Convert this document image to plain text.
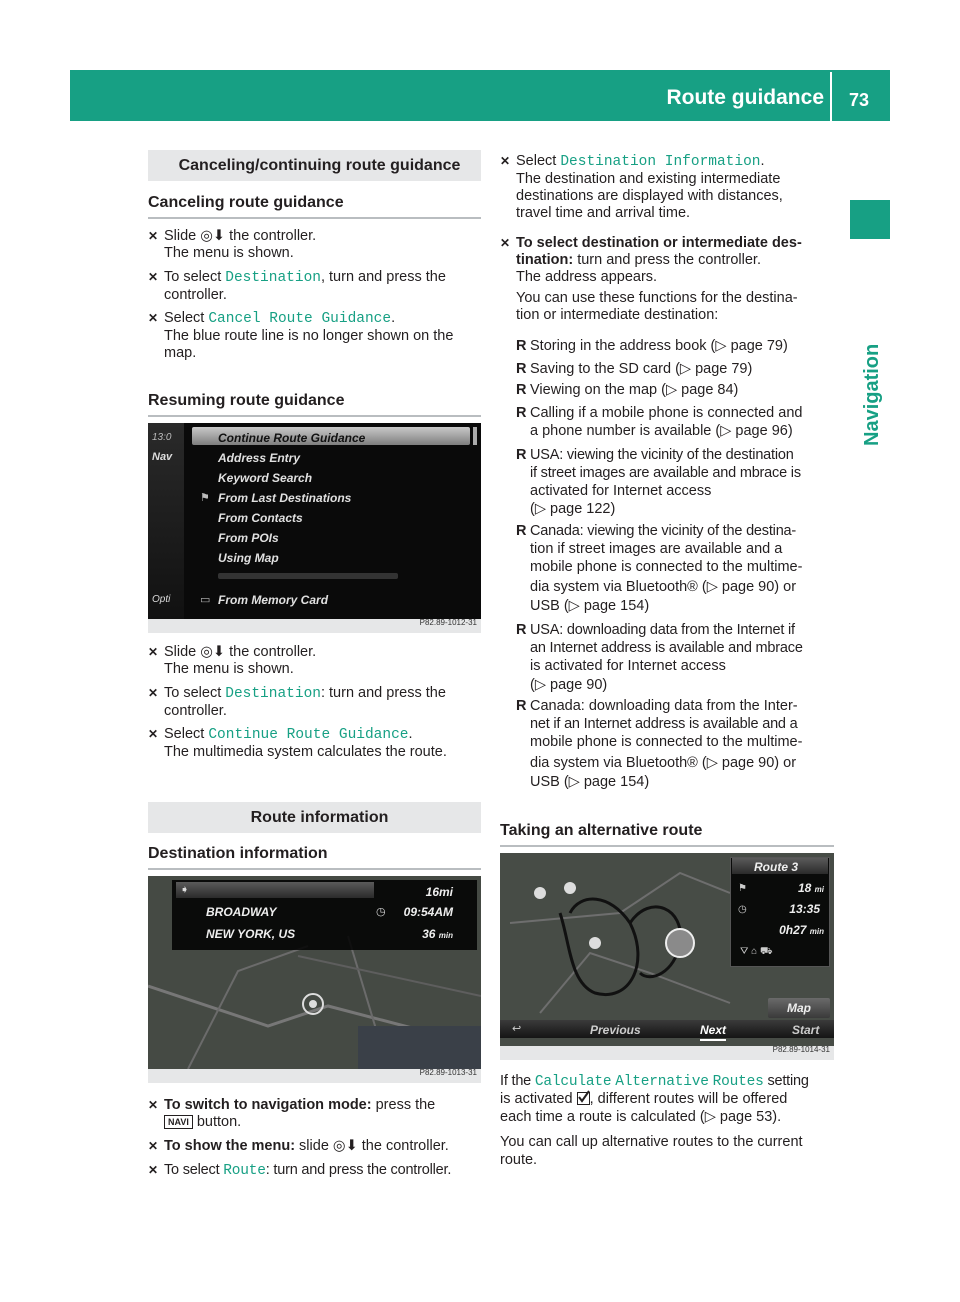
Route guidance 73
Navigation
Canceling/continuing route guidance
Canceling route guidance
✕ Slide ◎⬇ the controller.
The menu is shown.
✕ To select Destination, turn and press the
controller.
✕ Select Cancel Route Guidance.
The blue route line is no longer shown on the
map.
Resuming route guidance
13:0
Nav
Opti
Continue Route Guidance
Address Entry
Keyword Search
⚑ From Last Destinations
From Contacts
From POIs
Using Map
▭ From Memory Card
P82.89-1012-31
✕ Slide ◎⬇ the controller.
The menu is shown.
✕ To select Destination: turn and press the
controller.
✕ Select Continue Route Guidance.
The multimedia system calculates the route.
Route information
Destination information
➧	16mi
BROADWAY	◷ 09:54AM
NEW YORK, US	36 min
P82.89-1013-31
✕ To switch to navigation mode: press the
NAVI button.
✕ To show the menu: slide ◎⬇ the controller.
✕ To select Route: turn and press the controller.
✕ Select Destination Information.
The destination and existing intermediate
destinations are displayed with distances,
travel time and arrival time.
✕ To select destination or intermediate des-
tination: turn and press the controller.
The address appears.
You can use these functions for the destina-
tion or intermediate destination:
R Storing in the address book (▷ page 79)
R Saving to the SD card (▷ page 79)
R Viewing on the map (▷ page 84)
R Calling if a mobile phone is connected and
a phone number is available (▷ page 96)
R USA: viewing the vicinity of the destination
if street images are available and mbrace is
activated for Internet access
(▷ page 122)
R Canada: viewing the vicinity of the destina-
tion if street images are available and a
mobile phone is connected to the multime-
dia system via Bluetooth® (▷ page 90) or
USB (▷ page 154)
R USA: downloading data from the Internet if
an Internet address is available and mbrace
is activated for Internet access
(▷ page 90)
R Canada: downloading data from the Inter-
net if an Internet address is available and a
mobile phone is connected to the multime-
dia system via Bluetooth® (▷ page 90) or
USB (▷ page 154)
Taking an alternative route
Route 3
⚑	18 mi
◷	13:35
0h27 min
⛛ ⌂ ⛟
Map
↩	Previous	Next	Start
P82.89-1014-31
If the Calculate Alternative Routes setting
is activated
, different routes will be offered
each time a route is calculated (▷ page 53).
You can call up alternative routes to the current
route.
